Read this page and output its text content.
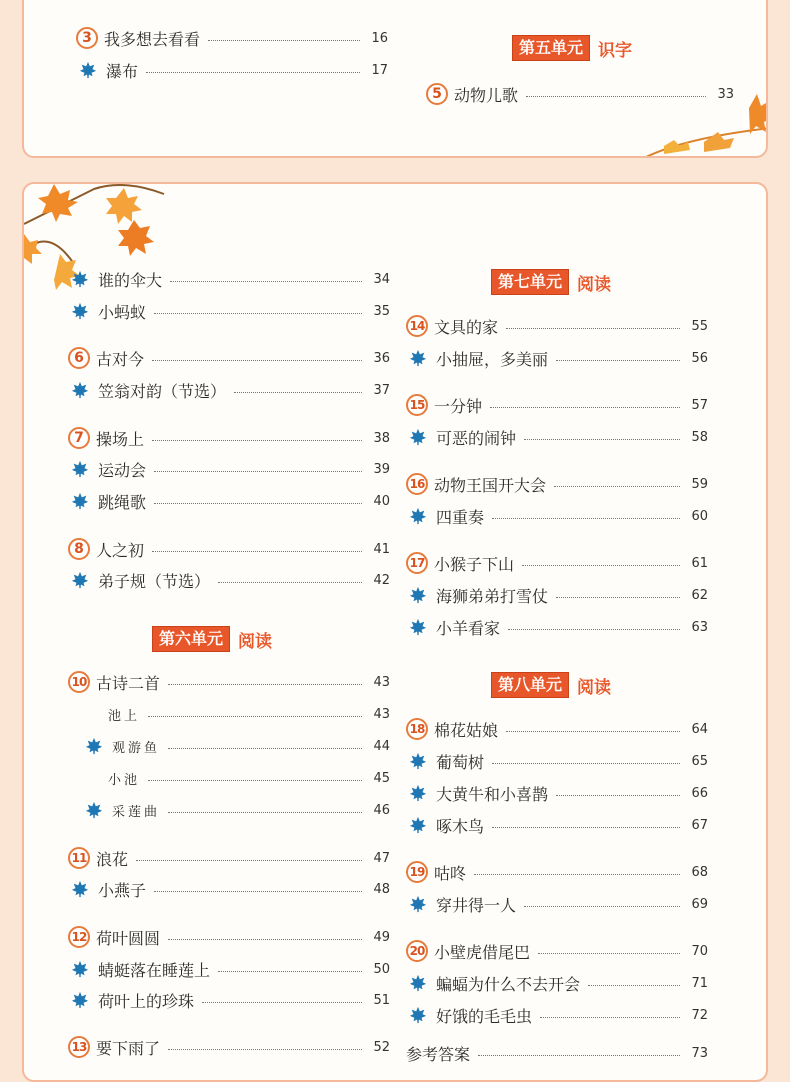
3 我多想去看看	16
瀑布	17
第五单元 识字
5 动物儿歌	33
谁的伞大	34
小蚂蚁	35
6 古对今	36
笠翁对韵（节选）	37
7 操场上	38
运动会	39
跳绳歌	40
8 人之初	41
弟子规（节选）	42
第六单元 阅读
10 古诗二首	43
池上	43
观游鱼	44
小池	45
采莲曲	46
11 浪花	47
小燕子	48
12 荷叶圆圆	49
蜻蜓落在睡莲上	50
荷叶上的珍珠	51
13 要下雨了	52
第七单元 阅读
14 文具的家	55
小抽屉，多美丽	56
15 一分钟	57
可恶的闹钟	58
16 动物王国开大会	59
四重奏	60
17 小猴子下山	61
海狮弟弟打雪仗	62
小羊看家	63
第八单元 阅读
18 棉花姑娘	64
葡萄树	65
大黄牛和小喜鹊	66
啄木鸟	67
19 咕咚	68
穿井得一人	69
20 小壁虎借尾巴	70
蝙蝠为什么不去开会	71
好饿的毛毛虫	72
参考答案	73
